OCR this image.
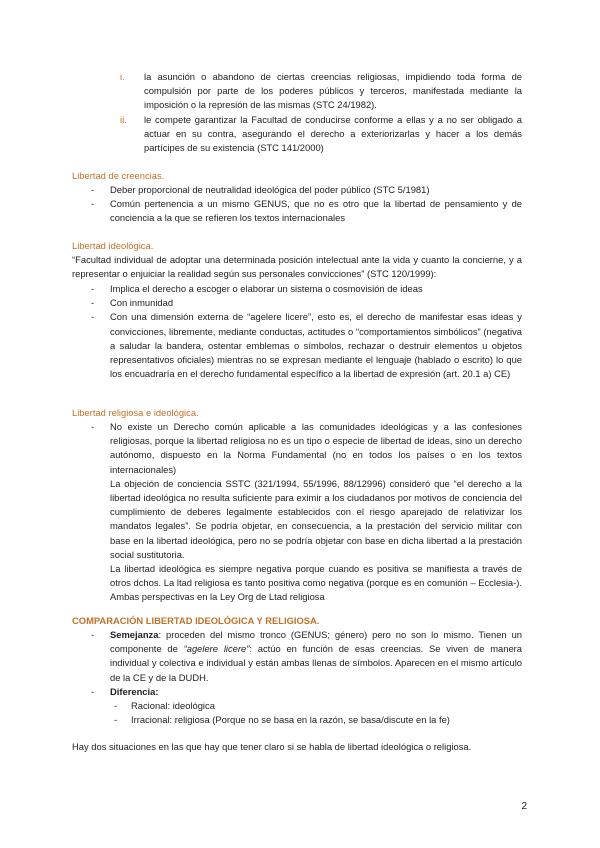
i. la asunción o abandono de ciertas creencias religiosas, impidiendo toda forma de compulsión por parte de los poderes públicos y terceros, manifestada mediante la imposición o la represión de las mismas (STC 24/1982).
ii. le compete garantizar la Facultad de conducirse conforme a ellas y a no ser obligado a actuar en su contra, asegurando el derecho a exteriorizarlas y hacer a los demás partícipes de su existencia (STC 141/2000)
Libertad de creencias.
- Deber proporcional de neutralidad ideológica del poder público (STC 5/1981)
- Común pertenencia a un mismo GENUS, que no es otro que la libertad de pensamiento y de conciencia a la que se refieren los textos internacionales
Libertad ideológica.
“Facultad individual de adoptar una determinada posición intelectual ante la vida y cuanto la concierne, y a representar o enjuiciar la realidad según sus personales convicciones” (STC 120/1999):
- Implica el derecho a escoger o elaborar un sistema o cosmovisión de ideas
- Con inmunidad
- Con una dimensión externa de “agelere licere”, esto es, el derecho de manifestar esas ideas y convicciones, libremente, mediante conductas, actitudes o “comportamientos simbólicos” (negativa a saludar la bandera, ostentar emblemas o símbolos, rechazar o destruir elementos u objetos representativos oficiales) mientras no se expresan mediante el lenguaje (hablado o escrito) lo que los encuadraría en el derecho fundamental específico a la libertad de expresión (art. 20.1 a) CE)
Libertad religiosa e ideológica.
- No existe un Derecho común aplicable a las comunidades ideológicas y a las confesiones religiosas, porque la libertad religiosa no es un tipo o especie de libertad de ideas, sino un derecho autónomo, dispuesto en la Norma Fundamental (no en todos los países o en los textos internacionales)
La objeción de conciencia SSTC (321/1994, 55/1996, 88/12996) consideró que “el derecho a la libertad ideológica no resulta suficiente para eximir a los ciudadanos por motivos de conciencia del cumplimiento de deberes legalmente establecidos con el riesgo aparejado de relativizar los mandatos legales”. Se podría objetar, en consecuencia, a la prestación del servicio militar con base en la libertad ideológica, pero no se podría objetar con base en dicha libertad a la prestación social sustitutoria.
La libertad ideológica es siempre negativa porque cuando es positiva se manifiesta a través de otros dchos. La ltad religiosa es tanto positiva como negativa (porque es en comunión – Ecclesia-). Ambas perspectivas en la Ley Org de Ltad religiosa
COMPARACIÓN LIBERTAD IDEOLÓGICA Y RELIGIOSA.
- Semejanza: proceden del mismo tronco (GENUS; género) pero no son lo mismo. Tienen un componente de “agelere licere”: actúo en función de esas creencias. Se viven de manera individual y colectiva e individual y están ambas llenas de símbolos. Aparecen en el mismo artículo de la CE y de la DUDH.
- Diferencia:
- Racional: ideológica
- Irracional: religiosa (Porque no se basa en la razón, se basa/discute en la fe)
Hay dos situaciones en las que hay que tener claro si se habla de libertad ideológica o religiosa.
2
